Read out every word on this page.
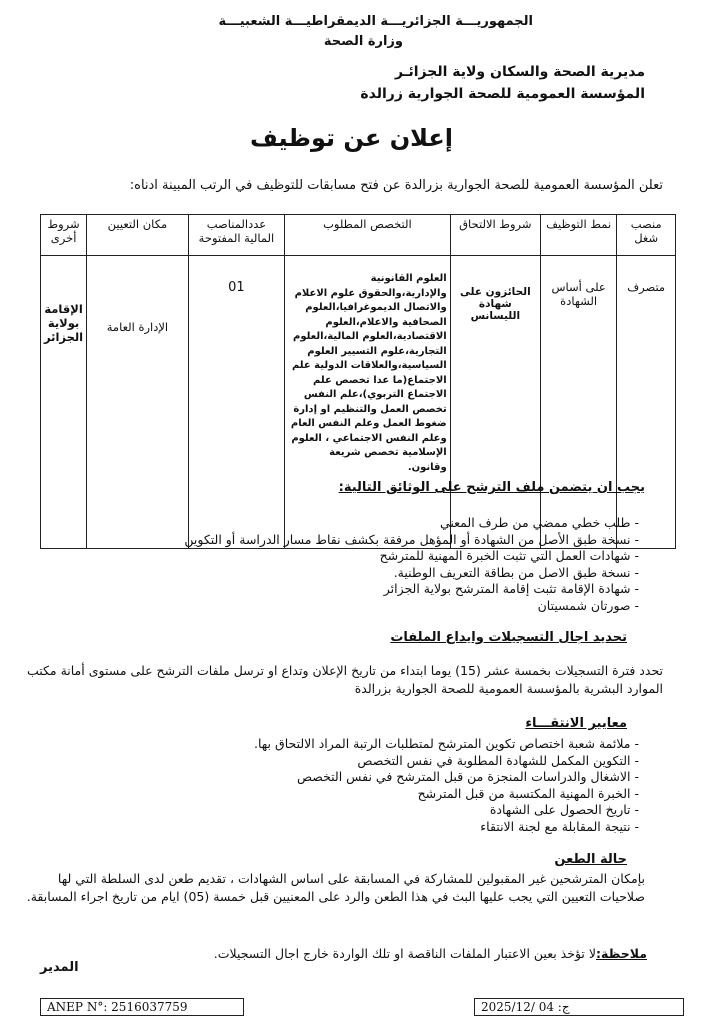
الجمهوريـــة الجزائريـــة الديمقراطيـــة الشعبيـــة
وزارة الصحة
مديرية الصحة والسكان ولاية الجزائـر
المؤسسة العمومية للصحة الجوارية زرالدة
إعلان عن توظيف
تعلن المؤسسة العمومية للصحة الجوارية بزرالدة عن فتح مسابقات للتوظيف في الرتب المبينة ادناه:
منصب شغل	نمط التوظيف	شروط الالتحاق	التخصص المطلوب	عددالمناصب المالية المفتوحة	مكان التعيين	شروط أخرى
متصرف	على أساس الشهادة	الحائزون على شهادة الليسانس	العلوم القانونية والإدارية،والحقوق علوم الاعلام والاتصال الديموغرافيا،العلوم الصحافية والاعلام،العلوم الاقتصادية،العلوم المالية،العلوم التجارية،علوم التسيير العلوم السياسية،والعلاقات الدولية علم الاجتماع(ما عدا تخصص علم الاجتماع التربوي)،علم النفس تخصص العمل والتنظيم او إدارة ضغوط العمل وعلم النفس العام وعلم النفس الاجتماعي ، العلوم الإسلامية تخصص شريعة وقانون.	01	الإدارة العامة	الإقامة بولاية الجزائر
يجب ان يتضمن ملف الترشح على الوثائق التالية:
- طلب خطي ممضي من طرف المعني
- نسخة طبق الأصل من الشهادة أو المؤهل مرفقة بكشف نقاط مسار الدراسة أو التكوين
- شهادات العمل التي تثبت الخبرة المهنية للمترشح
- نسخة طبق الاصل من بطاقة التعريف الوطنية.
- شهادة الإقامة تثبت إقامة المترشح بولاية الجزائر
- صورتان شمسيتان
تحديد اجال التسجيلات وايداع الملفات

تحدد فترة التسجيلات بخمسة عشر (15) يوما ابتداء من تاريخ الإعلان وتداع او ترسل ملفات الترشح على مستوى أمانة مكتب الموارد البشرية بالمؤسسة العمومية للصحة الجوارية بزرالدة

معايير الانتقـــاء
- ملائمة شعبة اختصاص تكوين المترشح لمتطلبات الرتبة المراد الالتحاق بها.
- التكوين المكمل للشهادة المطلوبة في نفس التخصص
- الاشغال والدراسات المنجزة من قبل المترشح في نفس التخصص
- الخبرة المهنية المكتسبة من قبل المترشح
- تاريخ الحصول على الشهادة
- نتيجة المقابلة مع لجنة الانتقاء
حالة الطعن

بإمكان المترشحين غير المقبولين للمشاركة في المسابقة على اساس الشهادات ، تقديم طعن لدى السلطة التي لها صلاحيات التعيين التي يجب عليها البث في هذا الطعن والرد على المعنيين قبل خمسة (05) ايام من تاريخ اجراء المسابقة.

ملاحظة:لا تؤخذ بعين الاعتبار الملفات الناقصة او تلك الواردة خارج اجال التسجيلات.
المدير
ANEP N°: 2516037759	2025/12/ 04 :ج
